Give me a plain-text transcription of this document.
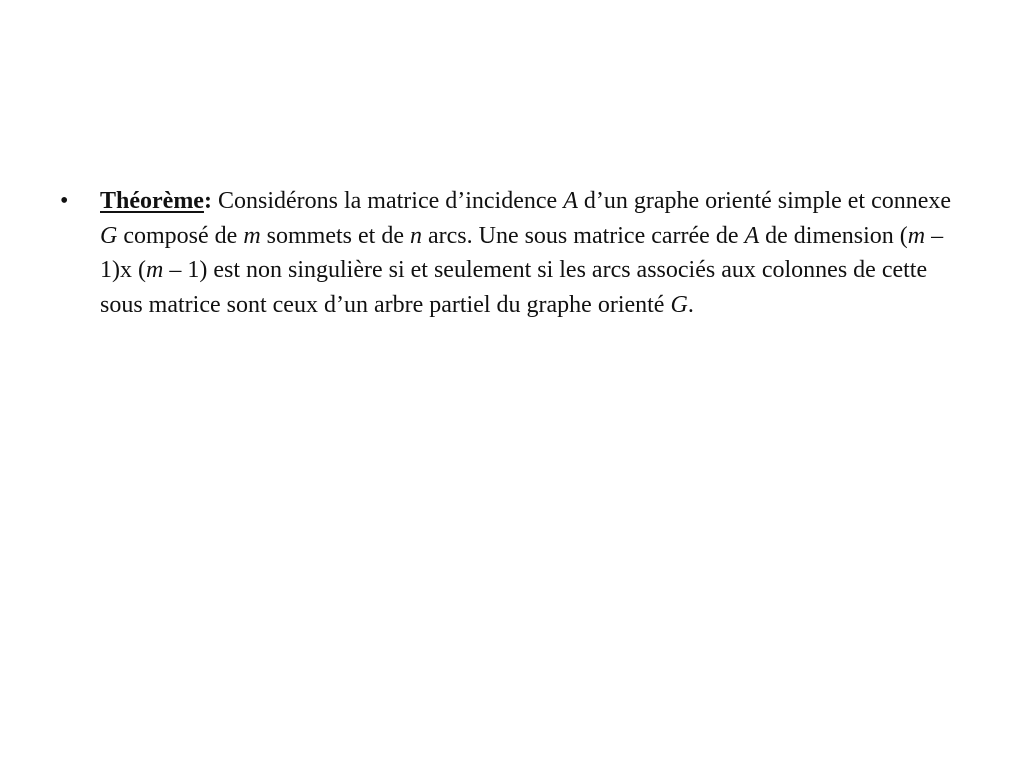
•	Théorème: Considérons la matrice d’incidence A d’un graphe orienté simple et connexe G composé de m sommets et de n arcs. Une sous matrice carrée de A de dimension (m – 1)x (m – 1) est non singulière si et seulement si les arcs associés aux colonnes de cette sous matrice sont ceux d’un arbre partiel du graphe orienté G.
